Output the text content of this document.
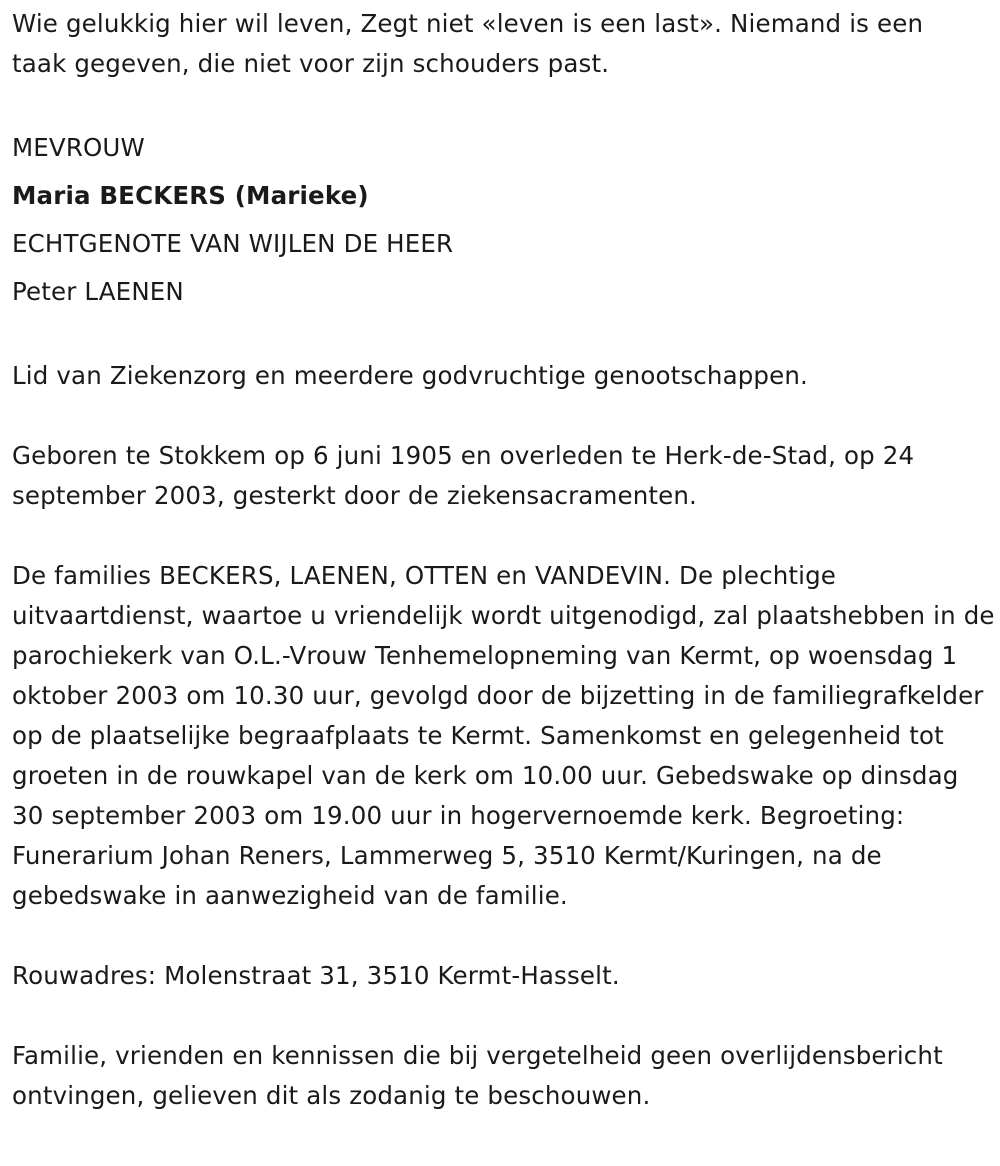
Wie gelukkig hier wil leven, Zegt niet «leven is een last». Niemand is een taak gegeven, die niet voor zijn schouders past.

MEVROUW

Maria BECKERS (Marieke)

ECHTGENOTE VAN WIJLEN DE HEER

Peter LAENEN

Lid van Ziekenzorg en meerdere godvruchtige genootschappen.

Geboren te Stokkem op 6 juni 1905 en overleden te Herk-de-Stad, op 24 september 2003, gesterkt door de ziekensacramenten.

De families BECKERS, LAENEN, OTTEN en VANDEVIN. De plechtige uitvaartdienst, waartoe u vriendelijk wordt uitgenodigd, zal plaatshebben in de parochiekerk van O.L.-Vrouw Tenhemelopneming van Kermt, op woensdag 1 oktober 2003 om 10.30 uur, gevolgd door de bijzetting in de familiegrafkelder op de plaatselijke begraafplaats te Kermt. Samenkomst en gelegenheid tot groeten in de rouwkapel van de kerk om 10.00 uur. Gebedswake op dinsdag 30 september 2003 om 19.00 uur in hogervernoemde kerk. Begroeting: Funerarium Johan Reners, Lammerweg 5, 3510 Kermt/Kuringen, na de gebedswake in aanwezigheid van de familie.

Rouwadres: Molenstraat 31, 3510 Kermt-Hasselt.

Familie, vrienden en kennissen die bij vergetelheid geen overlijdensbericht ontvingen, gelieven dit als zodanig te beschouwen.
